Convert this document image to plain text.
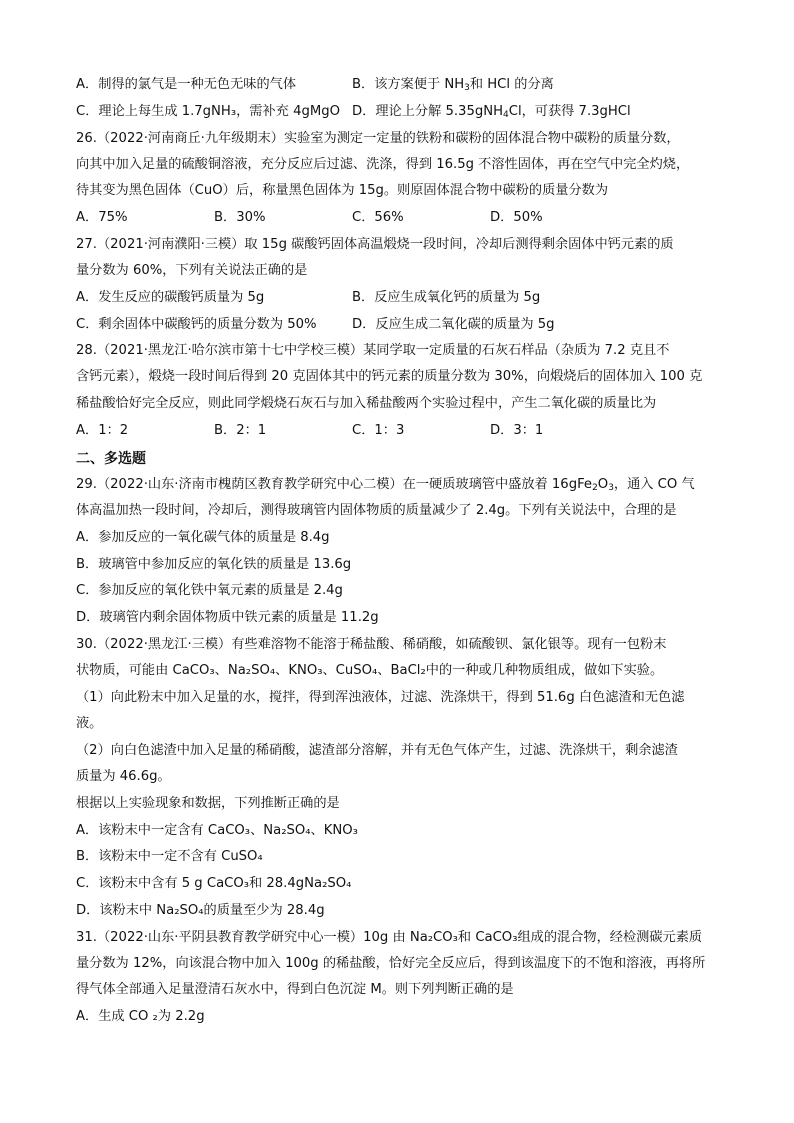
A．制得的氯气是一种无色无味的气体	B．该方案便于 $NH_3$和 HCl 的分离
C．理论上每生成 1.7gNH₃，需补充 4gMgO D．理论上分解 5.35gNH$_4$Cl，可获得 7.3gHCl
26.（2022·河南商丘·九年级期末）实验室为测定一定量的铁粉和碳粉的固体混合物中碳粉的质量分数，
向其中加入足量的硫酸铜溶液，充分反应后过滤、洗涤，得到 16.5g 不溶性固体，再在空气中完全灼烧，
待其变为黑色固体（CuO）后，称量黑色固体为 15g。则原固体混合物中碳粉的质量分数为
A．75%	B．30%	C．56%	D．50%
27.（2021·河南濮阳·三模）取 15g 碳酸钙固体高温煅烧一段时间，冷却后测得剩余固体中钙元素的质
量分数为 60%，下列有关说法正确的是
A．发生反应的碳酸钙质量为 5g	B．反应生成氧化钙的质量为 5g
C．剩余固体中碳酸钙的质量分数为 50%	D．反应生成二氧化碳的质量为 5g
28.（2021·黑龙江·哈尔滨市第十七中学校三模）某同学取一定质量的石灰石样品（杂质为 7.2 克且不
含钙元素），煅烧一段时间后得到 20 克固体其中的钙元素的质量分数为 30%，向煅烧后的固体加入 100 克
稀盐酸恰好完全反应，则此同学煅烧石灰石与加入稀盐酸两个实验过程中，产生二氧化碳的质量比为
A．1：2	B．2：1	C．1：3	D．3：1
二、多选题
29.（2022·山东·济南市槐荫区教育教学研究中心二模）在一硬质玻璃管中盛放着 $16gFe_2O_3$，通入 CO 气
体高温加热一段时间，冷却后，测得玻璃管内固体物质的质量减少了 2.4g。下列有关说法中，合理的是
A．参加反应的一氧化碳气体的质量是 8.4g
B．玻璃管中参加反应的氧化铁的质量是 13.6g
C．参加反应的氧化铁中氧元素的质量是 2.4g
D．玻璃管内剩余固体物质中铁元素的质量是 11.2g
30.（2022·黑龙江·三模）有些难溶物不能溶于稀盐酸、稀硝酸，如硫酸钡、氯化银等。现有一包粉末
状物质，可能由 CaCO₃、Na₂SO₄、KNO₃、CuSO₄、BaCl₂中的一种或几种物质组成，做如下实验。
（1）向此粉末中加入足量的水，搅拌，得到浑浊液体，过滤、洗涤烘干，得到 51.6g 白色滤渣和无色滤
液。
（2）向白色滤渣中加入足量的稀硝酸，滤渣部分溶解，并有无色气体产生，过滤、洗涤烘干，剩余滤渣
质量为 46.6g。
根据以上实验现象和数据，下列推断正确的是
A．该粉末中一定含有 CaCO₃、Na₂SO₄、KNO₃
B．该粉末中一定不含有 CuSO₄
C．该粉末中含有 5 g CaCO₃和 28.4gNa₂SO₄
D．该粉末中 Na₂SO₄的质量至少为 28.4g
31.（2022·山东·平阴县教育教学研究中心一模）10g 由 Na₂CO₃和 CaCO₃组成的混合物，经检测碳元素质
量分数为 12%，向该混合物中加入 100g 的稀盐酸，恰好完全反应后，得到该温度下的不饱和溶液，再将所
得气体全部通入足量澄清石灰水中，得到白色沉淀 M。则下列判断正确的是
A．生成 CO ₂为 2.2g
